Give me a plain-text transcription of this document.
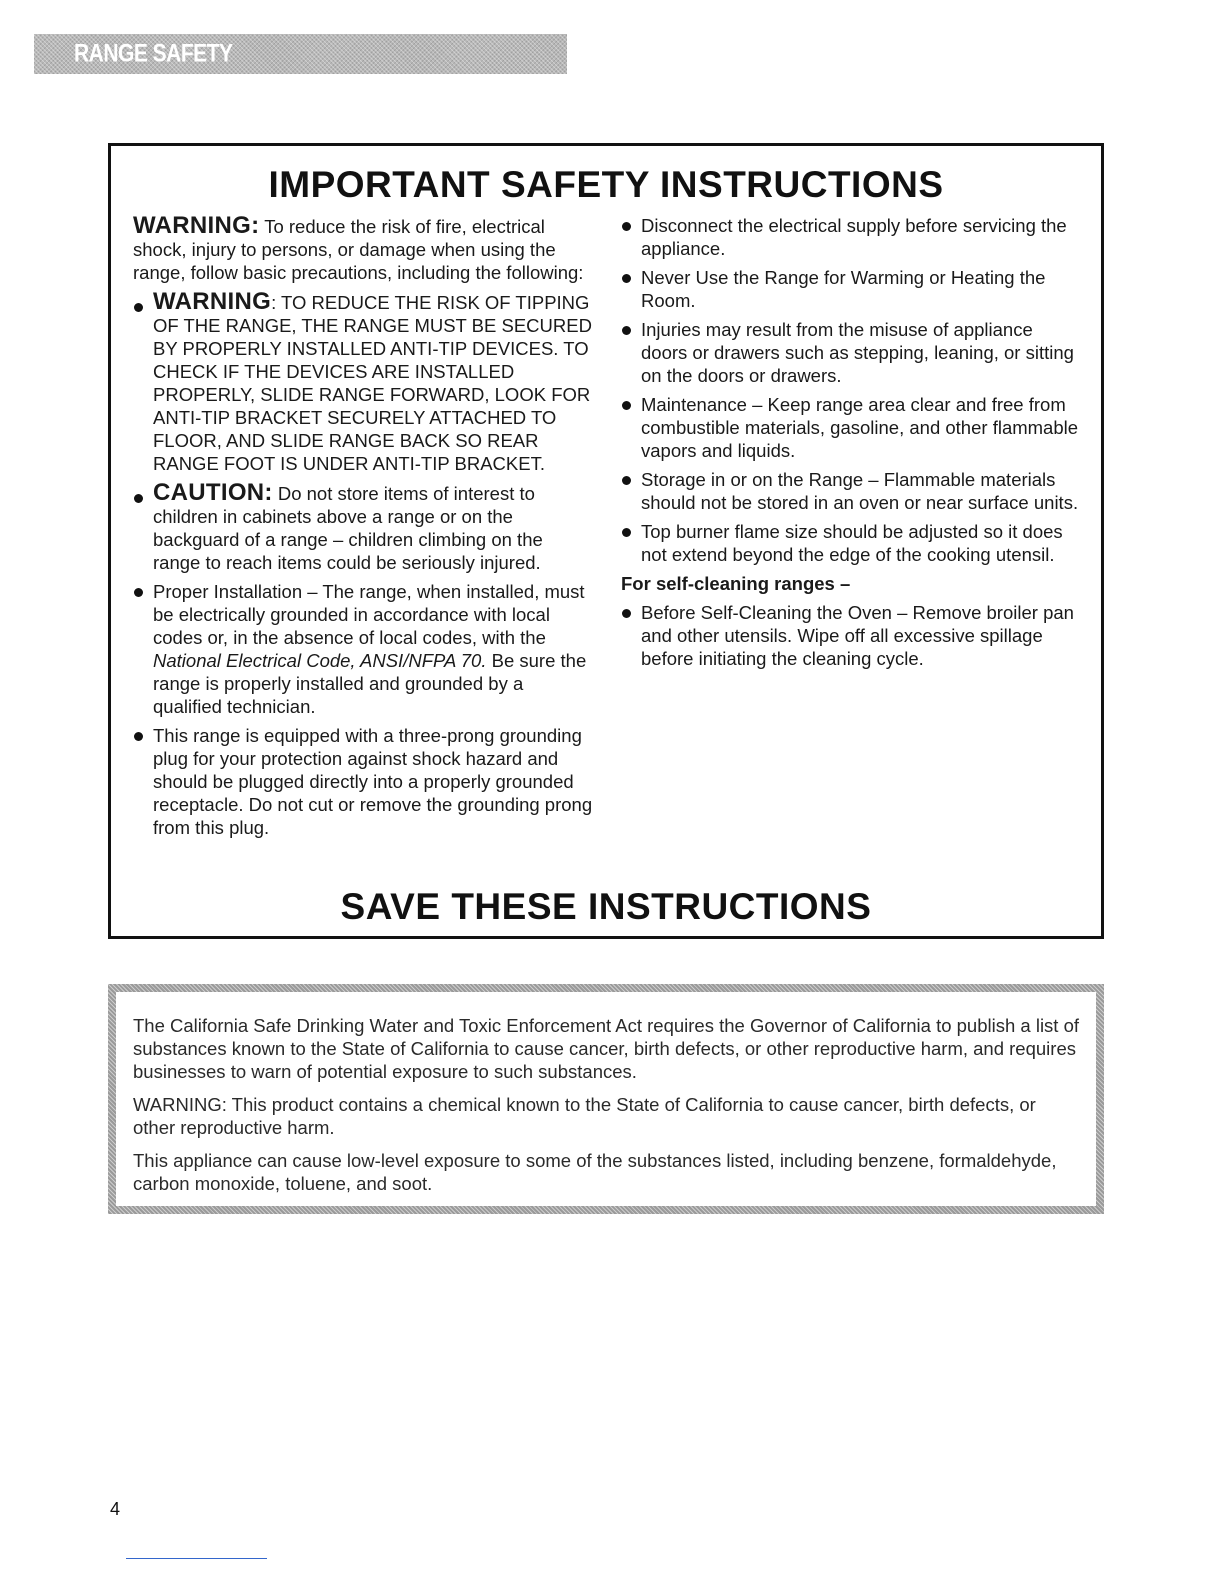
RANGE SAFETY
IMPORTANT SAFETY INSTRUCTIONS

WARNING: To reduce the risk of fire, electrical shock, injury to persons, or damage when using the range, follow basic precautions, including the following:

WARNING: TO REDUCE THE RISK OF TIPPING OF THE RANGE, THE RANGE MUST BE SECURED BY PROPERLY INSTALLED ANTI-TIP DEVICES. TO CHECK IF THE DEVICES ARE INSTALLED PROPERLY, SLIDE RANGE FORWARD, LOOK FOR ANTI-TIP BRACKET SECURELY ATTACHED TO FLOOR, AND SLIDE RANGE BACK SO REAR RANGE FOOT IS UNDER ANTI-TIP BRACKET.
CAUTION: Do not store items of interest to children in cabinets above a range or on the backguard of a range – children climbing on the range to reach items could be seriously injured.
Proper Installation – The range, when installed, must be electrically grounded in accordance with local codes or, in the absence of local codes, with the National Electrical Code, ANSI/NFPA 70. Be sure the range is properly installed and grounded by a qualified technician.
This range is equipped with a three-prong grounding plug for your protection against shock hazard and should be plugged directly into a properly grounded receptacle. Do not cut or remove the grounding prong from this plug.
Disconnect the electrical supply before servicing the appliance.
Never Use the Range for Warming or Heating the Room.
Injuries may result from the misuse of appliance doors or drawers such as stepping, leaning, or sitting on the doors or drawers.
Maintenance – Keep range area clear and free from combustible materials, gasoline, and other flammable vapors and liquids.
Storage in or on the Range – Flammable materials should not be stored in an oven or near surface units.
Top burner flame size should be adjusted so it does not extend beyond the edge of the cooking utensil.
For self-cleaning ranges –
Before Self-Cleaning the Oven – Remove broiler pan and other utensils. Wipe off all excessive spillage before initiating the cleaning cycle.
SAVE THESE INSTRUCTIONS

The California Safe Drinking Water and Toxic Enforcement Act requires the Governor of California to publish a list of substances known to the State of California to cause cancer, birth defects, or other reproductive harm, and requires businesses to warn of potential exposure to such substances.

WARNING: This product contains a chemical known to the State of California to cause cancer, birth defects, or other reproductive harm.

This appliance can cause low-level exposure to some of the substances listed, including benzene, formaldehyde, carbon monoxide, toluene, and soot.

4
